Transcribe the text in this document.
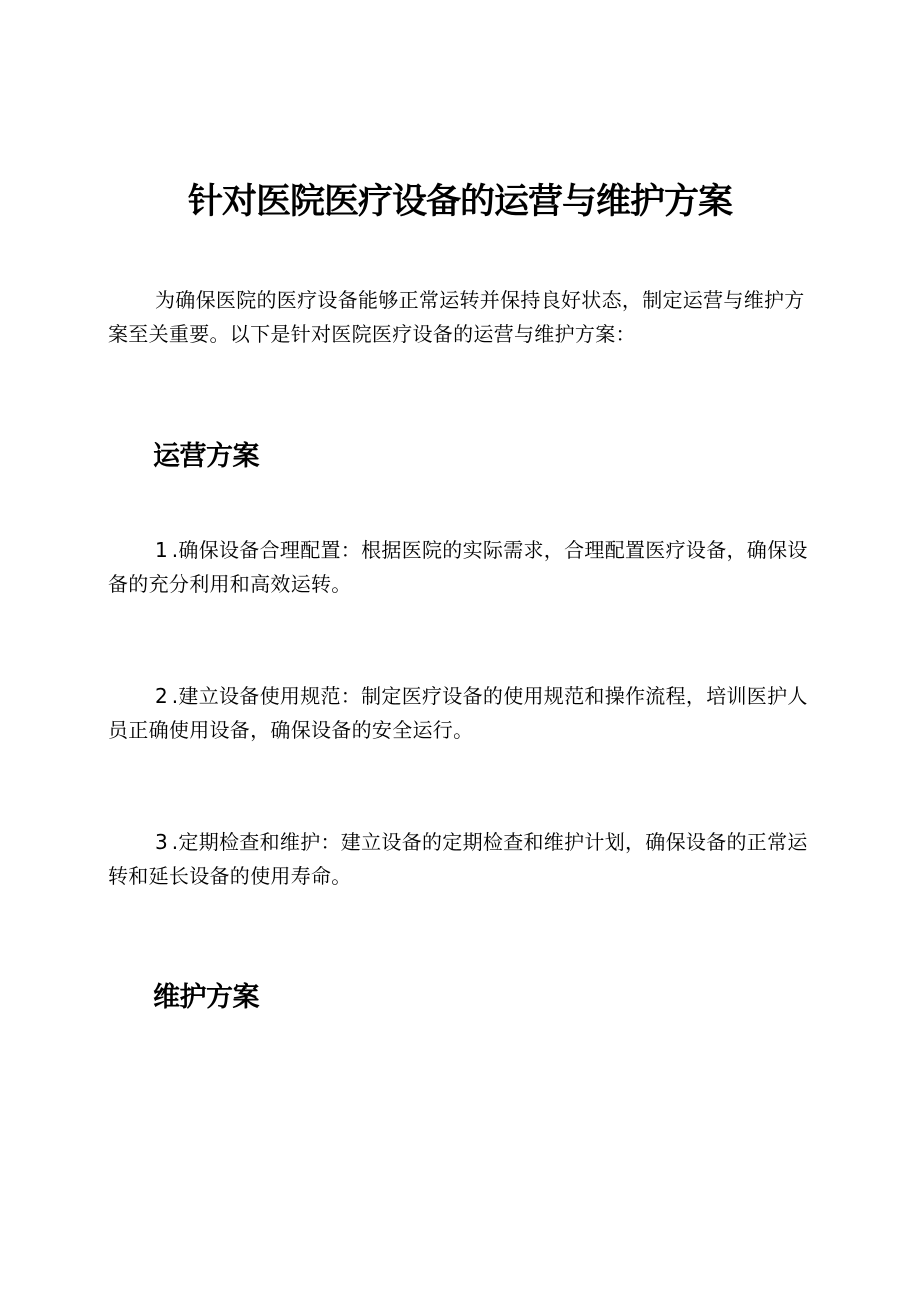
针对医院医疗设备的运营与维护方案
为确保医院的医疗设备能够正常运转并保持良好状态，制定运营与维护方案至关重要。以下是针对医院医疗设备的运营与维护方案：
运营方案
1 .确保设备合理配置：根据医院的实际需求，合理配置医疗设备，确保设备的充分利用和高效运转。
2 .建立设备使用规范：制定医疗设备的使用规范和操作流程，培训医护人员正确使用设备，确保设备的安全运行。
3 .定期检查和维护：建立设备的定期检查和维护计划，确保设备的正常运转和延长设备的使用寿命。
维护方案
